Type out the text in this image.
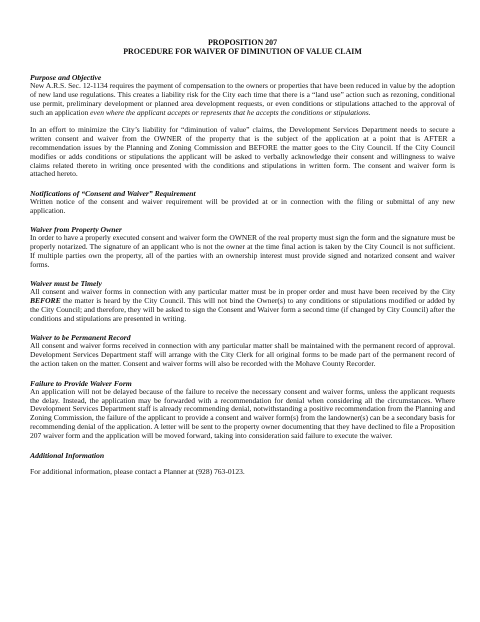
PROPOSITION 207
PROCEDURE FOR WAIVER OF DIMINUTION OF VALUE CLAIM
Purpose and Objective

New A.R.S. Sec. 12-1134 requires the payment of compensation to the owners or properties that have been reduced in value by the adoption of new land use regulations. This creates a liability risk for the City each time that there is a “land use” action such as rezoning, conditional use permit, preliminary development or planned area development requests, or even conditions or stipulations attached to the approval of such an application even where the applicant accepts or represents that he accepts the conditions or stipulations.

In an effort to minimize the City’s liability for “diminution of value” claims, the Development Services Department needs to secure a written consent and waiver from the OWNER of the property that is the subject of the application at a point that is AFTER a recommendation issues by the Planning and Zoning Commission and BEFORE the matter goes to the City Council. If the City Council modifies or adds conditions or stipulations the applicant will be asked to verbally acknowledge their consent and willingness to waive claims related thereto in writing once presented with the conditions and stipulations in written form. The consent and waiver form is attached hereto.

Notifications of “Consent and Waiver” Requirement

Written notice of the consent and waiver requirement will be provided at or in connection with the filing or submittal of any new application.

Waiver from Property Owner

In order to have a properly executed consent and waiver form the OWNER of the real property must sign the form and the signature must be properly notarized. The signature of an applicant who is not the owner at the time final action is taken by the City Council is not sufficient. If multiple parties own the property, all of the parties with an ownership interest must provide signed and notarized consent and waiver forms.

Waiver must be Timely

All consent and waiver forms in connection with any particular matter must be in proper order and must have been received by the City BEFORE the matter is heard by the City Council. This will not bind the Owner(s) to any conditions or stipulations modified or added by the City Council; and therefore, they will be asked to sign the Consent and Waiver form a second time (if changed by City Council) after the conditions and stipulations are presented in writing.

Waiver to be Permanent Record

All consent and waiver forms received in connection with any particular matter shall be maintained with the permanent record of approval. Development Services Department staff will arrange with the City Clerk for all original forms to be made part of the permanent record of the action taken on the matter. Consent and waiver forms will also be recorded with the Mohave County Recorder.

Failure to Provide Waiver Form

An application will not be delayed because of the failure to receive the necessary consent and waiver forms, unless the applicant requests the delay. Instead, the application may be forwarded with a recommendation for denial when considering all the circumstances. Where Development Services Department staff is already recommending denial, notwithstanding a positive recommendation from the Planning and Zoning Commission, the failure of the applicant to provide a consent and waiver form(s) from the landowner(s) can be a secondary basis for recommending denial of the application. A letter will be sent to the property owner documenting that they have declined to file a Proposition 207 waiver form and the application will be moved forward, taking into consideration said failure to execute the waiver.

Additional Information

For additional information, please contact a Planner at (928) 763-0123.
